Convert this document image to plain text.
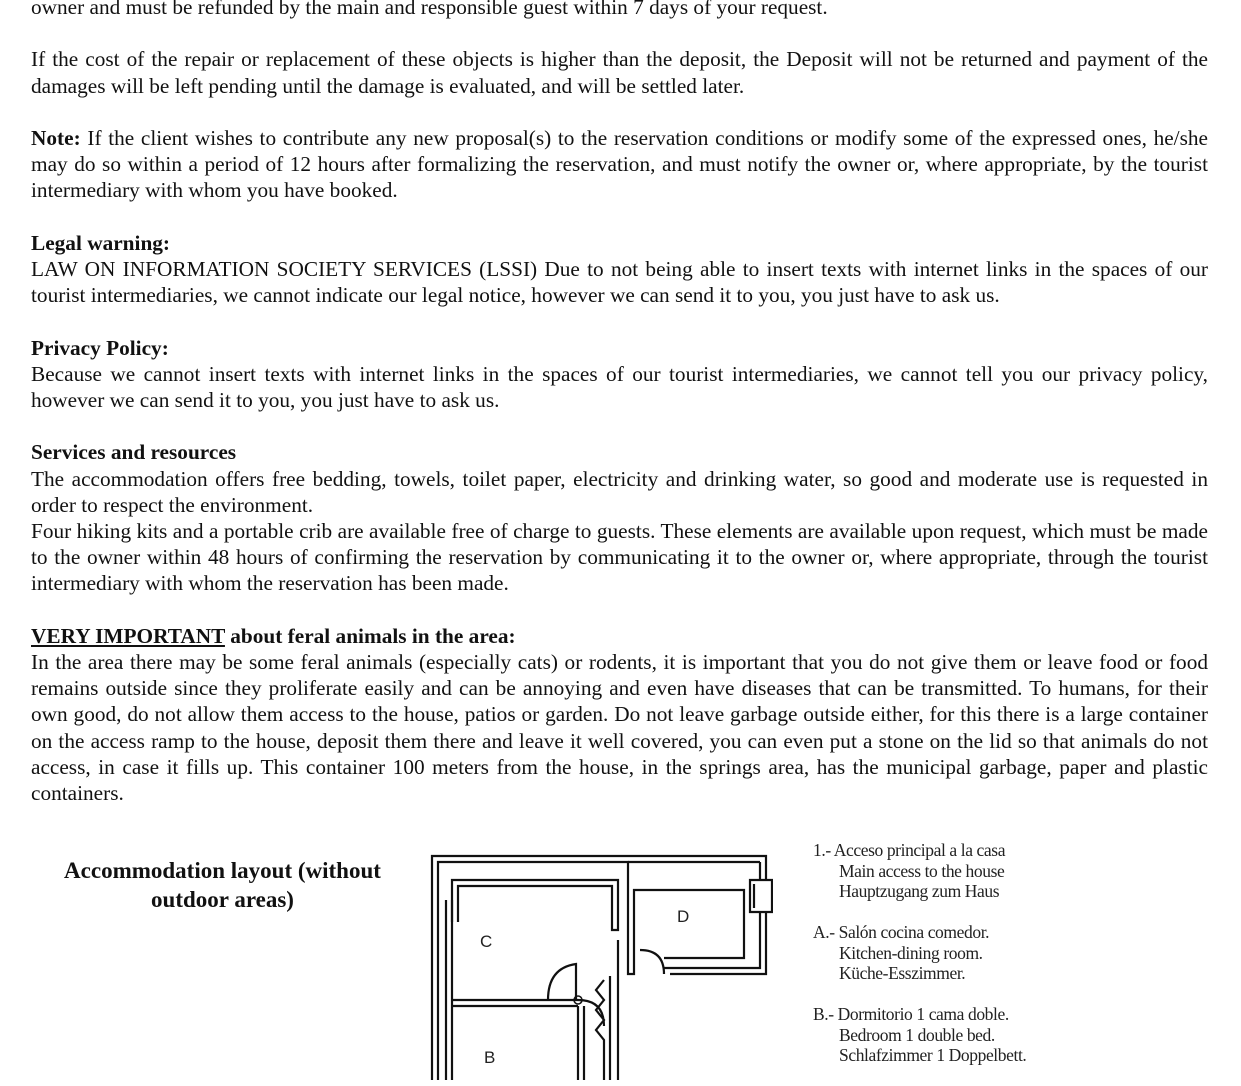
owner and must be refunded by the main and responsible guest within 7 days of your request.

If the cost of the repair or replacement of these objects is higher than the deposit, the Deposit will not be returned and payment of the damages will be left pending until the damage is evaluated, and will be settled later.

Note: If the client wishes to contribute any new proposal(s) to the reservation conditions or modify some of the expressed ones, he/she may do so within a period of 12 hours after formalizing the reservation, and must notify the owner or, where appropriate, by the tourist intermediary with whom you have booked.

Legal warning:

LAW ON INFORMATION SOCIETY SERVICES (LSSI) Due to not being able to insert texts with internet links in the spaces of our tourist intermediaries, we cannot indicate our legal notice, however we can send it to you, you just have to ask us.

Privacy Policy:

Because we cannot insert texts with internet links in the spaces of our tourist intermediaries, we cannot tell you our privacy policy, however we can send it to you, you just have to ask us.

Services and resources

The accommodation offers free bedding, towels, toilet paper, electricity and drinking water, so good and moderate use is requested in order to respect the environment.

Four hiking kits and a portable crib are available free of charge to guests. These elements are available upon request, which must be made to the owner within 48 hours of confirming the reservation by communicating it to the owner or, where appropriate, through the tourist intermediary with whom the reservation has been made.

VERY IMPORTANT about feral animals in the area:

In the area there may be some feral animals (especially cats) or rodents, it is important that you do not give them or leave food or food remains outside since they proliferate easily and can be annoying and even have diseases that can be transmitted. To humans, for their own good, do not allow them access to the house, patios or garden. Do not leave garbage outside either, for this there is a large container on the access ramp to the house, deposit them there and leave it well covered, you can even put a stone on the lid so that animals do not access, in case it fills up. This container 100 meters from the house, in the springs area, has the municipal garbage, paper and plastic containers.

Accommodation layout (without
outdoor areas)
C
D
B
1.- Acceso principal a la casa
Main access to the house
Hauptzugang zum Haus
A.- Salón cocina comedor.
Kitchen-dining room.
Küche-Esszimmer.
B.- Dormitorio 1 cama doble.
Bedroom 1 double bed.
Schlafzimmer 1 Doppelbett.
